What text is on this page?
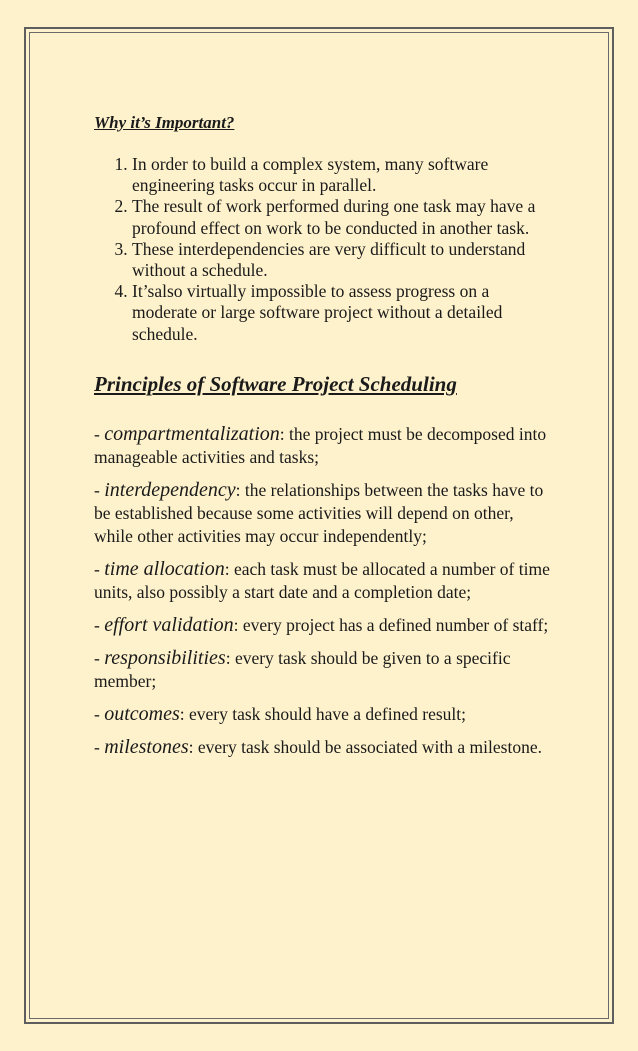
Why it’s Important?
1. In order to build a complex system, many software engineering tasks occur in parallel.
2. The result of work performed during one task may have a profound effect on work to be conducted in another task.
3. These interdependencies are very difficult to understand without a schedule.
4. It’salso virtually impossible to assess progress on a moderate or large software project without a detailed schedule.
Principles of Software Project Scheduling
- compartmentalization: the project must be decomposed into manageable activities and tasks;
- interdependency: the relationships between the tasks have to be established because some activities will depend on other, while other activities may occur independently;
- time allocation: each task must be allocated a number of time units, also possibly a start date and a completion date;
- effort validation: every project has a defined number of staff;
- responsibilities: every task should be given to a specific member;
- outcomes: every task should have a defined result;
- milestones: every task should be associated with a milestone.
